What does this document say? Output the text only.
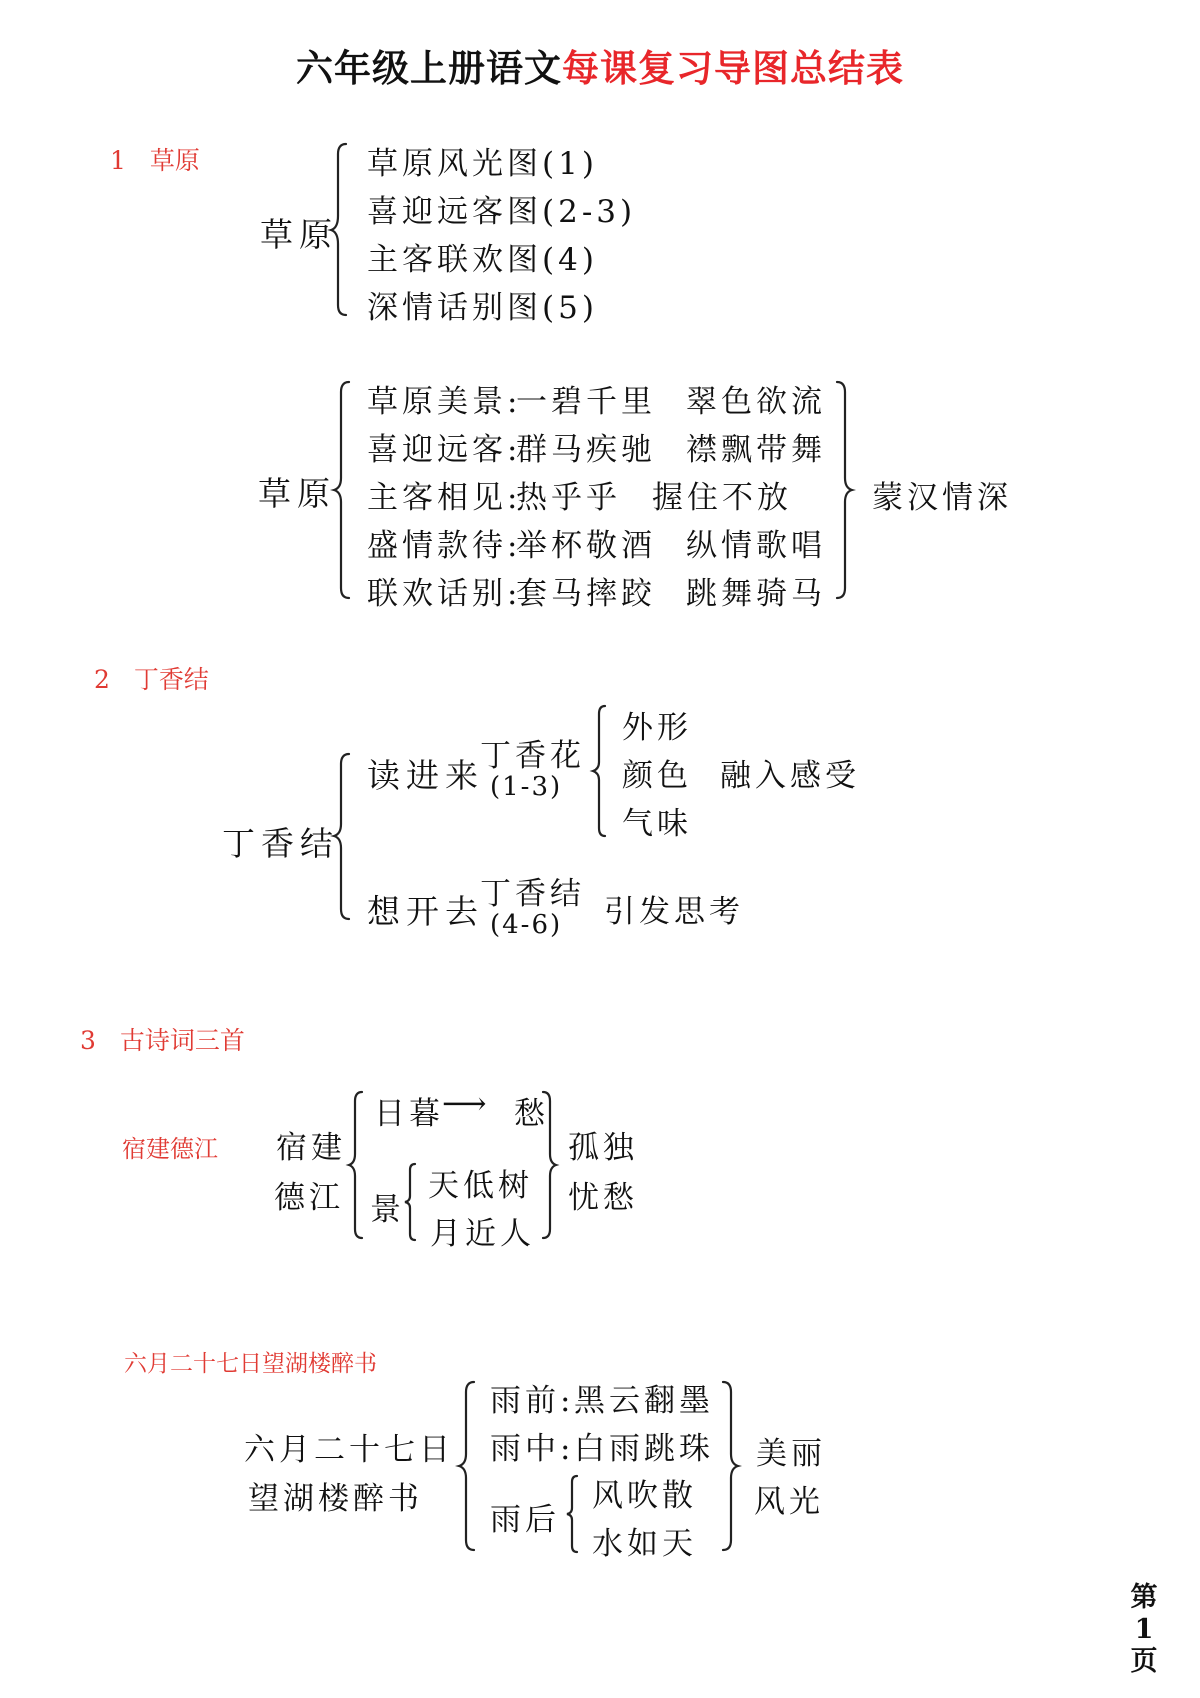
六年级上册语文每课复习导图总结表
1 草原
草原
草原风光图(1)
喜迎远客图(2-3)
主客联欢图(4)
深情话别图(5)
草原
草原美景:
一碧千里 翠色欲流
喜迎远客:
群马疾驰 襟飘带舞
主客相见:
热乎乎 握住不放
盛情款待:
举杯敬酒 纵情歌唱
联欢话别:
套马摔跤 跳舞骑马
蒙汉情深
2 丁香结
丁香结
读进来
丁香花
(1-3)
外形
颜色
气味
融入感受
想开去
丁香结
(4-6) 引发思考
3 古诗词三首
宿建德江 宿建
德江
日暮
⟶ 愁
景
天低树
月近人
孤独
忧愁
六月二十七日望湖楼醉书
六月二十七日
望湖楼醉书
雨前: 黑云翻墨
雨中: 白雨跳珠
雨后
风吹散
水如天
美丽
风光
第
1
页
